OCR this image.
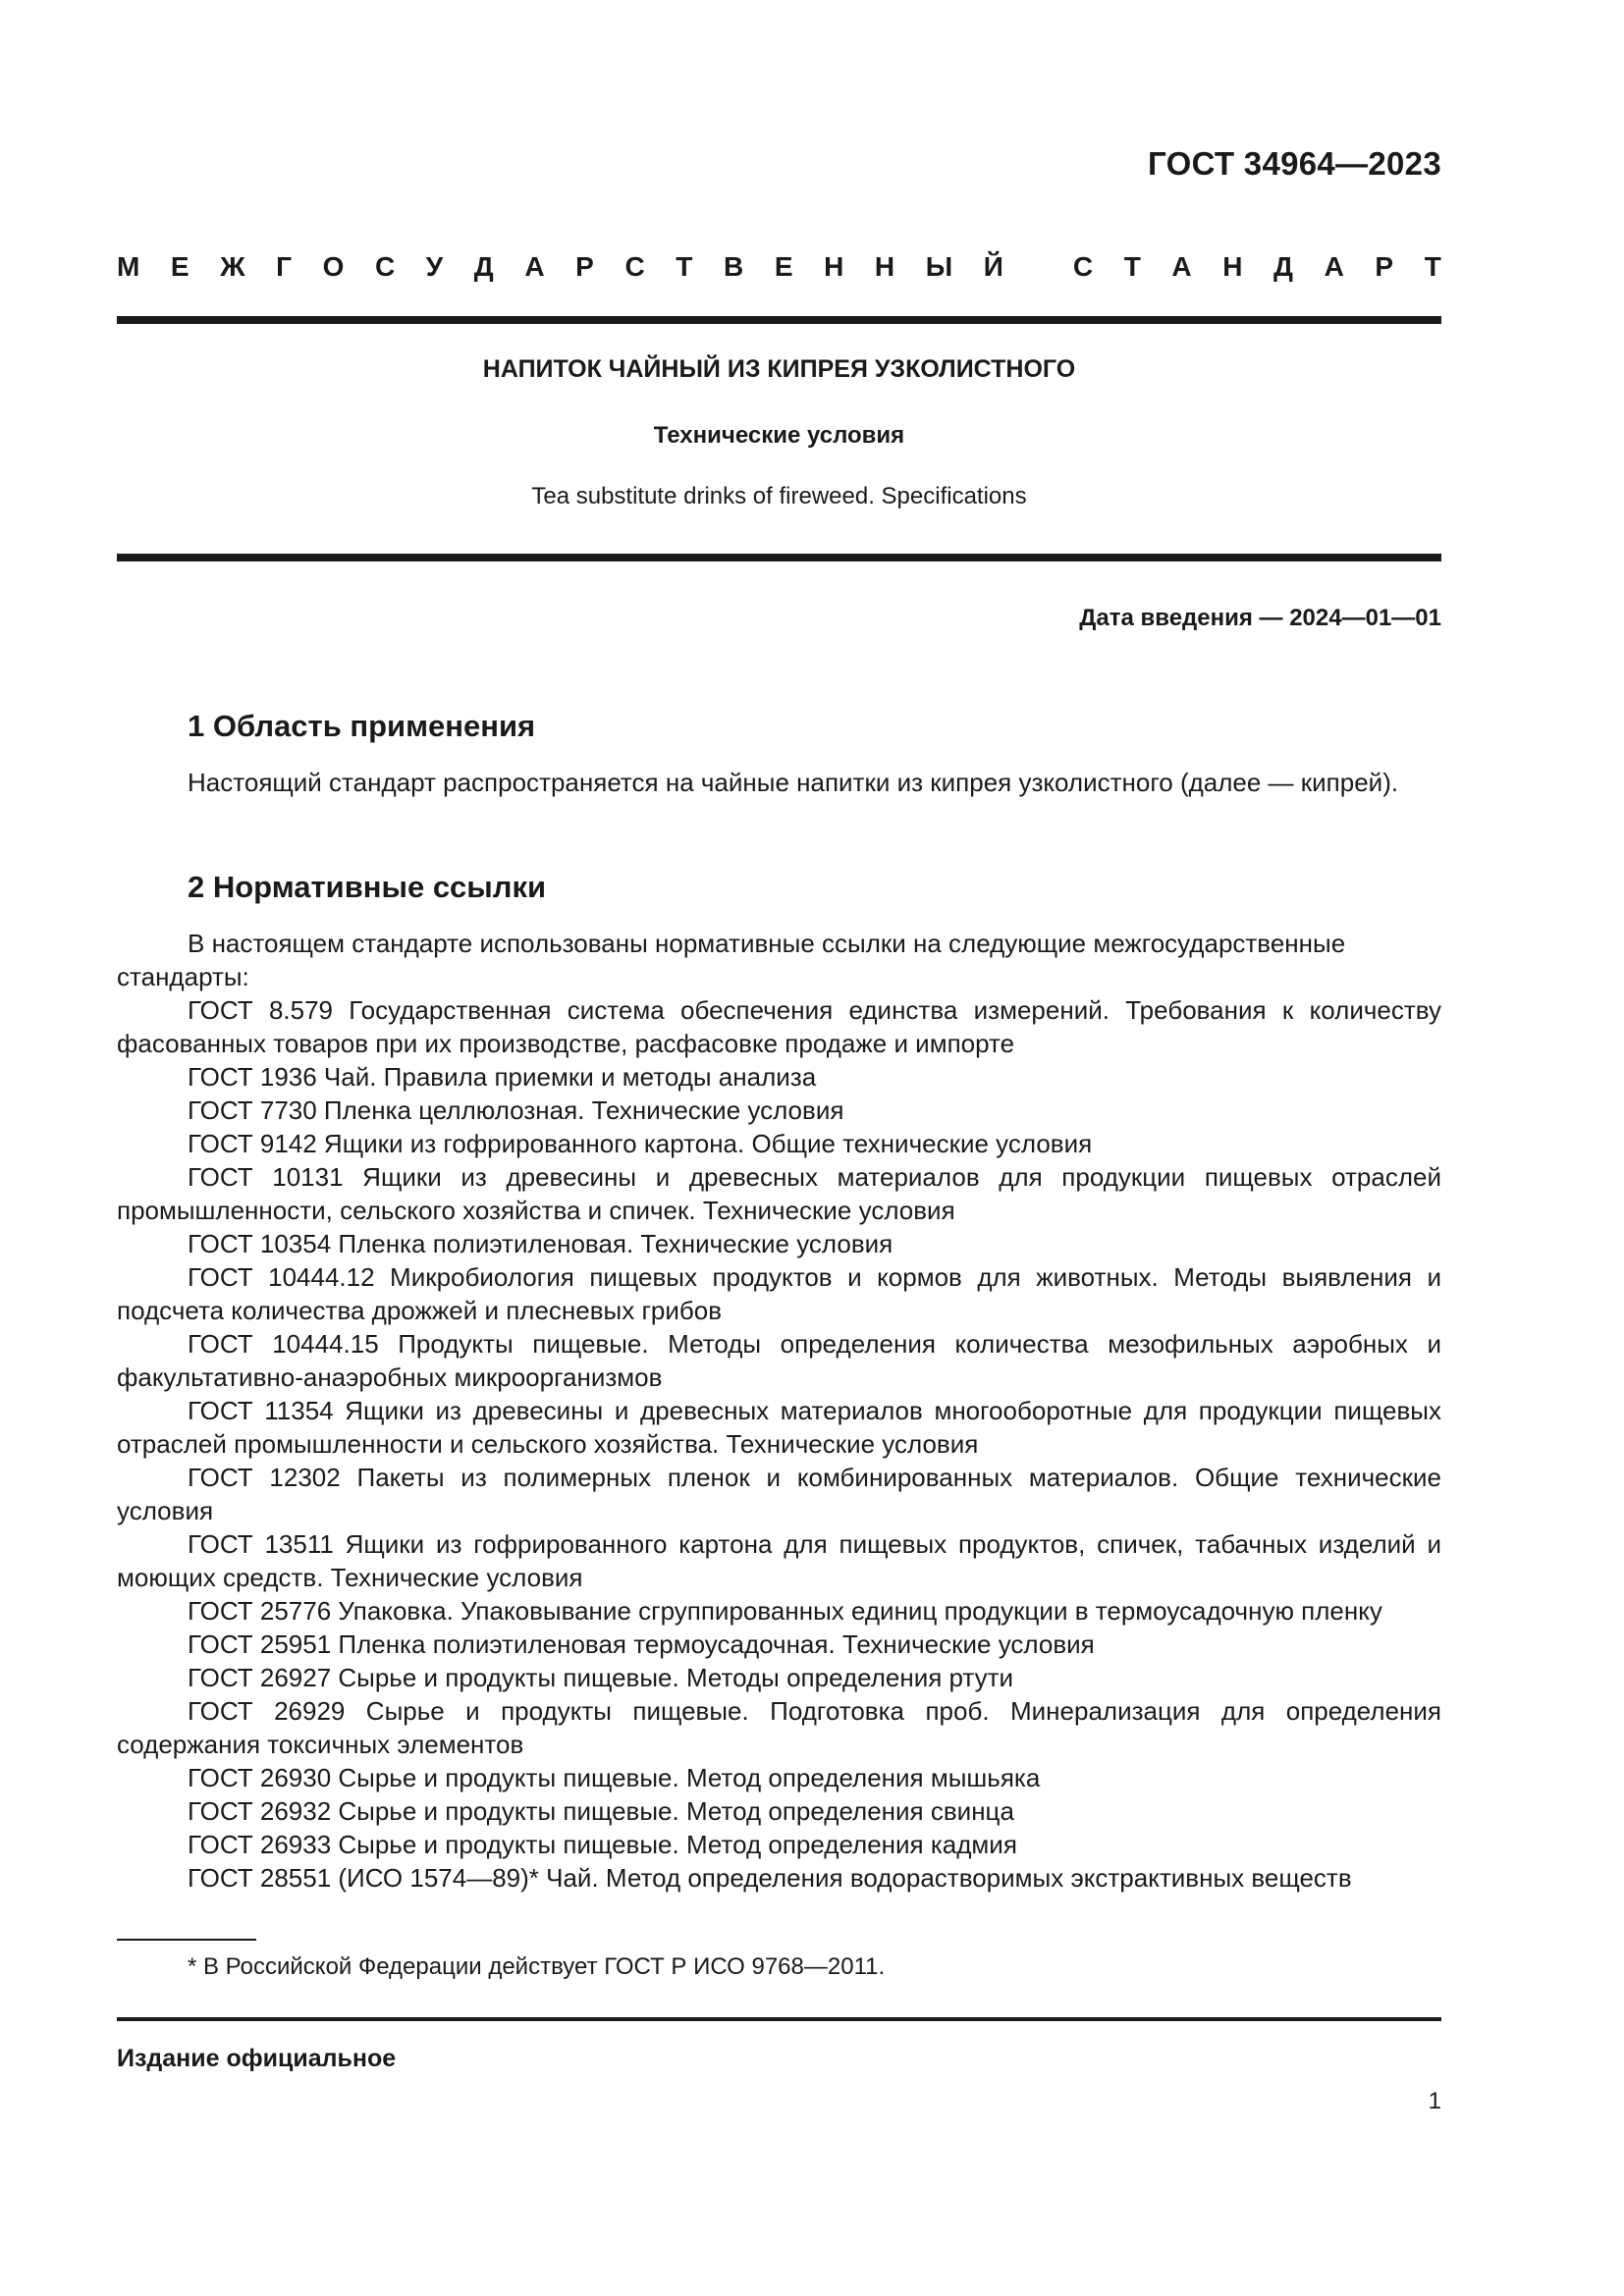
ГОСТ 34964—2023
М Е Ж Г О С У Д А Р С Т В Е Н Н Ы Й
	С Т А Н Д А Р Т
НАПИТОК ЧАЙНЫЙ ИЗ КИПРЕЯ УЗКОЛИСТНОГО
Технические условия
Tea substitute drinks of fireweed. Specifications
Дата введения — 2024—01—01
1 Область применения

Настоящий стандарт распространяется на чайные напитки из кипрея узколистного (далее — кипрей).

2 Нормативные ссылки

В настоящем стандарте использованы нормативные ссылки на следующие межгосударственные стандарты:

ГОСТ 8.579 Государственная система обеспечения единства измерений. Требования к количеству фасованных товаров при их производстве, расфасовке продаже и импорте

ГОСТ 1936 Чай. Правила приемки и методы анализа

ГОСТ 7730 Пленка целлюлозная. Технические условия

ГОСТ 9142 Ящики из гофрированного картона. Общие технические условия

ГОСТ 10131 Ящики из древесины и древесных материалов для продукции пищевых отраслей промышленности, сельского хозяйства и спичек. Технические условия

ГОСТ 10354 Пленка полиэтиленовая. Технические условия

ГОСТ 10444.12 Микробиология пищевых продуктов и кормов для животных. Методы выявления и подсчета количества дрожжей и плесневых грибов

ГОСТ 10444.15 Продукты пищевые. Методы определения количества мезофильных аэробных и факультативно-анаэробных микроорганизмов

ГОСТ 11354 Ящики из древесины и древесных материалов многооборотные для продукции пищевых отраслей промышленности и сельского хозяйства. Технические условия

ГОСТ 12302 Пакеты из полимерных пленок и комбинированных материалов. Общие технические условия

ГОСТ 13511 Ящики из гофрированного картона для пищевых продуктов, спичек, табачных изделий и моющих средств. Технические условия

ГОСТ 25776 Упаковка. Упаковывание сгруппированных единиц продукции в термоусадочную пленку

ГОСТ 25951 Пленка полиэтиленовая термоусадочная. Технические условия

ГОСТ 26927 Сырье и продукты пищевые. Методы определения ртути

ГОСТ 26929 Сырье и продукты пищевые. Подготовка проб. Минерализация для определения содержания токсичных элементов

ГОСТ 26930 Сырье и продукты пищевые. Метод определения мышьяка

ГОСТ 26932 Сырье и продукты пищевые. Метод определения свинца

ГОСТ 26933 Сырье и продукты пищевые. Метод определения кадмия

ГОСТ 28551 (ИСО 1574—89)* Чай. Метод определения водорастворимых экстрактивных веществ

* В Российской Федерации действует ГОСТ Р ИСО 9768—2011.
Издание официальное
1
